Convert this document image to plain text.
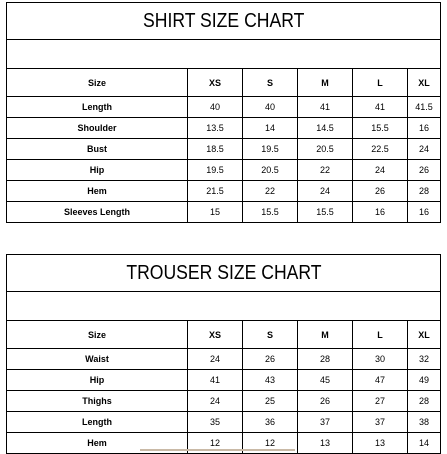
SHIRT SIZE CHART					

Size	XS	S	M	L	XL
Length	40	40	41	41	41.5
Shoulder	13.5	14	14.5	15.5	16
Bust	18.5	19.5	20.5	22.5	24
Hip	19.5	20.5	22	24	26
Hem	21.5	22	24	26	28
Sleeves Length	15	15.5	15.5	16	16
TROUSER SIZE CHART					

Size	XS	S	M	L	XL
Waist	24	26	28	30	32
Hip	41	43	45	47	49
Thighs	24	25	26	27	28
Length	35	36	37	37	38
Hem	12	12	13	13	14
